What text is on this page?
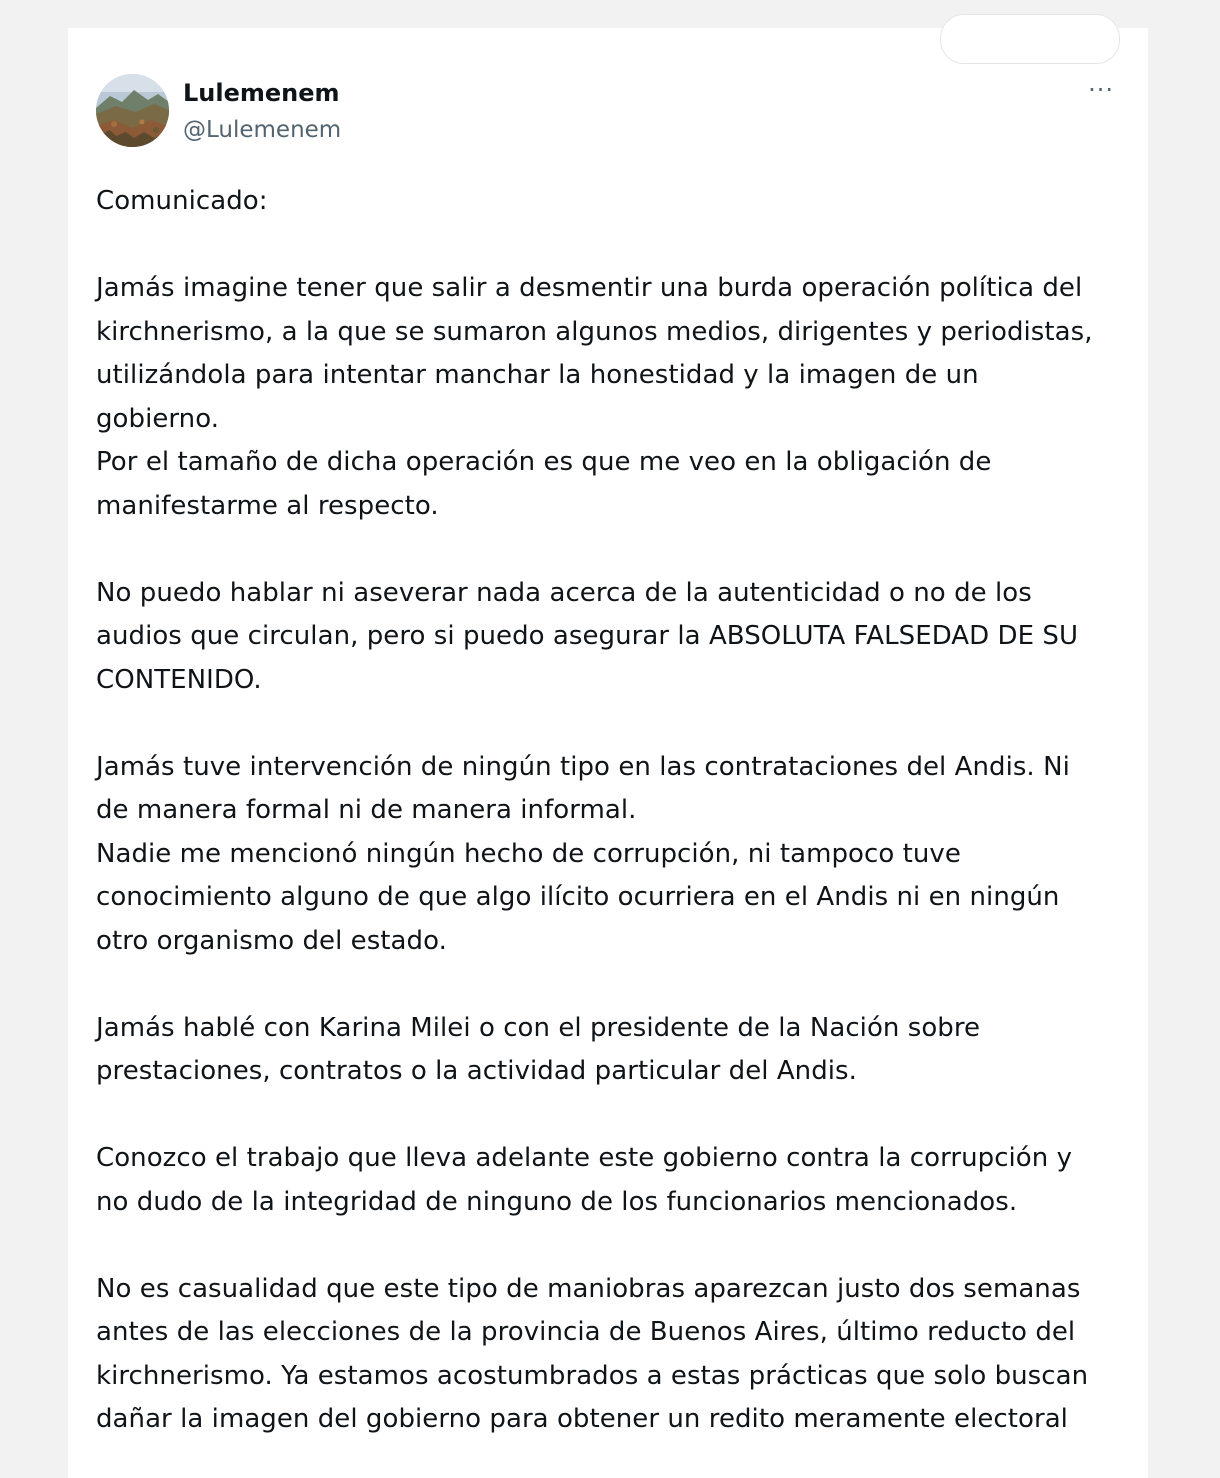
Lulemenem
@Lulemenem
···
Comunicado:
Jamás imagine tener que salir a desmentir una burda operación política del
kirchnerismo, a la que se sumaron algunos medios, dirigentes y periodistas,
utilizándola para intentar manchar la honestidad y la imagen de un
gobierno.
Por el tamaño de dicha operación es que me veo en la obligación de
manifestarme al respecto.
No puedo hablar ni aseverar nada acerca de la autenticidad o no de los
audios que circulan, pero si puedo asegurar la ABSOLUTA FALSEDAD DE SU
CONTENIDO.
Jamás tuve intervención de ningún tipo en las contrataciones del Andis. Ni
de manera formal ni de manera informal.
Nadie me mencionó ningún hecho de corrupción, ni tampoco tuve
conocimiento alguno de que algo ilícito ocurriera en el Andis ni en ningún
otro organismo del estado.
Jamás hablé con Karina Milei o con el presidente de la Nación sobre
prestaciones, contratos o la actividad particular del Andis.
Conozco el trabajo que lleva adelante este gobierno contra la corrupción y
no dudo de la integridad de ninguno de los funcionarios mencionados.
No es casualidad que este tipo de maniobras aparezcan justo dos semanas
antes de las elecciones de la provincia de Buenos Aires, último reducto del
kirchnerismo. Ya estamos acostumbrados a estas prácticas que solo buscan
dañar la imagen del gobierno para obtener un redito meramente electoral
